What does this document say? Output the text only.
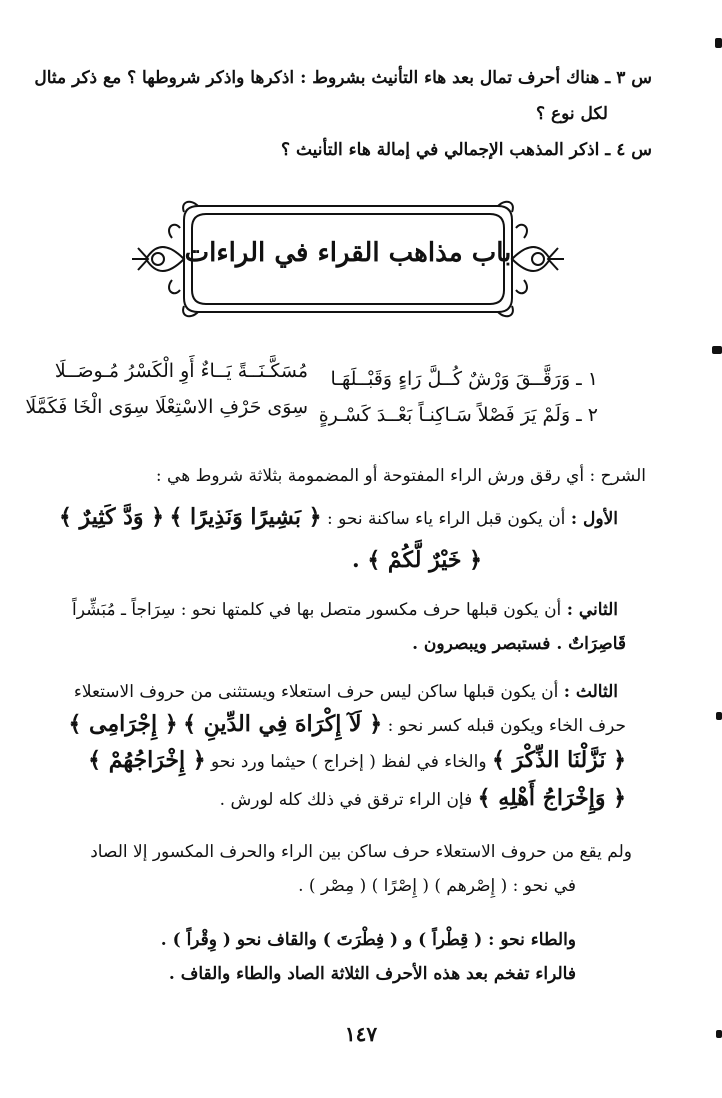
س ٣ ـ هناك أحرف تمال بعد هاء التأنيث بشروط : اذكرها واذكر شروطها ؟ مع ذكر مثال
لكل نوع ؟
س ٤ ـ اذكر المذهب الإجمالي في إمالة هاء التأنيث ؟
باب مذاهب القراء في الراءات
١ ـ وَرَقَّــقَ وَرْشٌ كُــلَّ رَاءٍ وَقَبْــلَهَـا
مُسَكَّـنَــةً يَــاءٌ أَوِ الْكَسْرُ مُـوصَــلَا
٢ ـ وَلَمْ يَرَ فَصْلاً سَـاكِنـاً بَعْــدَ كَسْـرةٍ
سِوَى حَرْفِ الاسْتِعْلَا سِوَى الْخَا فَكَمَّلَا
الشرح : أي رقق ورش الراء المفتوحة أو المضمومة بثلاثة شروط هي :
الأول : أن يكون قبل الراء ياء ساكنة نحو : ﴿ بَشِيرًا وَنَذِيرًا ﴾ ﴿ وَدَّ كَثِيرٌ ﴾
﴿ خَيْرٌ لَّكُمْ ﴾ .
الثاني : أن يكون قبلها حرف مكسور متصل بها في كلمتها نحو : سِرَاجاً ـ مُبَشِّراً
قَاصِرَاتٌ . فستبصر ويبصرون .
الثالث : أن يكون قبلها ساكن ليس حرف استعلاء ويستثنى من حروف الاستعلاء
حرف الخاء ويكون قبله كسر نحو : ﴿ لَآ إِكْرَاهَ فِي الدِّينِ ﴾ ﴿ إِجْرَامِى ﴾
﴿ نَزَّلْنَا الذِّكْرَ ﴾ والخاء في لفظ ( إخراج ) حيثما ورد نحو ﴿ إِخْرَاجُهُمْ ﴾
﴿ وَإِخْرَاجُ أَهْلِهِ ﴾ فإن الراء ترقق في ذلك كله لورش .
ولم يقع من حروف الاستعلاء حرف ساكن بين الراء والحرف المكسور إلا الصاد
في نحو : ( إِصْرهم ) ( إِصْرًا ) ( مِصْر ) .
والطاء نحو : ( قِطْراً ) و ( فِطْرَتَ ) والقاف نحو ( وِقْراً ) .
فالراء تفخم بعد هذه الأحرف الثلاثة الصاد والطاء والقاف .
١٤٧
